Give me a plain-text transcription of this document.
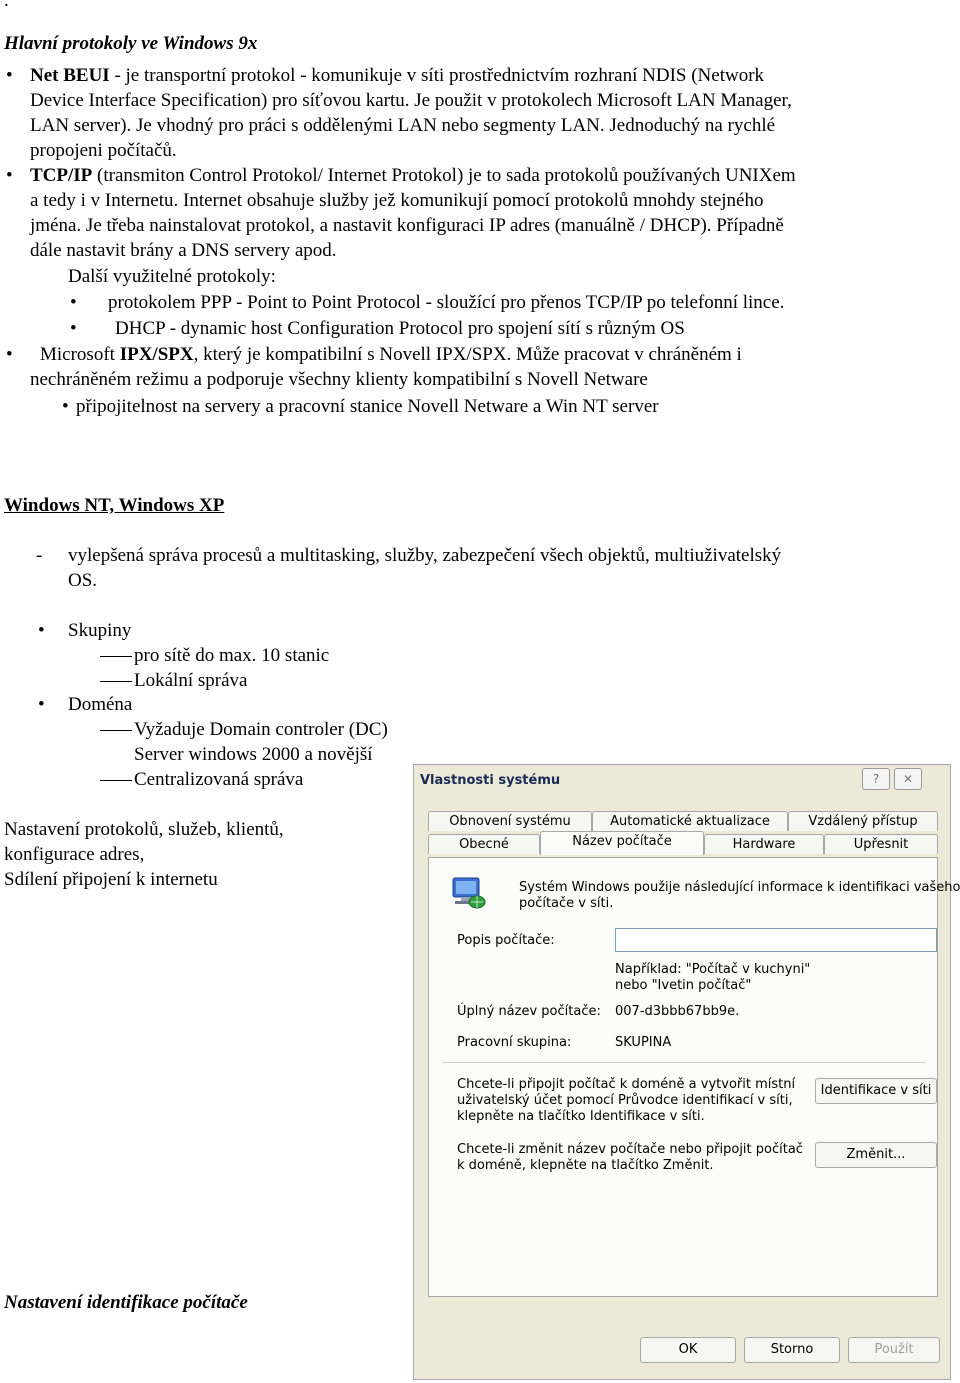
.
Hlavní protokoly ve Windows 9x
• Net BEUI - je transportní protokol - komunikuje v síti prostřednictvím rozhraní NDIS (Network
Device Interface Specification) pro síťovou kartu. Je použit v protokolech Microsoft LAN Manager,
LAN server). Je vhodný pro práci s oddělenými LAN nebo segmenty LAN. Jednoduchý na rychlé
propojeni počítačů.
• TCP/IP (transmiton Control Protokol/ Internet Protokol) je to sada protokolů používaných UNIXem
a tedy i v Internetu. Internet obsahuje služby jež komunikují pomocí protokolů mnohdy stejného
jména. Je třeba nainstalovat protokol, a nastavit konfiguraci IP adres (manuálně / DHCP). Případně
dále nastavit brány a DNS servery apod.
Další využitelné protokoly:
• protokolem PPP - Point to Point Protocol - sloužící pro přenos TCP/IP po telefonní lince.
• DHCP - dynamic host Configuration Protocol pro spojení sítí s různým OS
• Microsoft IPX/SPX, který je kompatibilní s Novell IPX/SPX. Může pracovat v chráněném i
nechráněném režimu a podporuje všechny klienty kompatibilní s Novell Netware
• připojitelnost na servery a pracovní stanice Novell Netware a Win NT server
Windows NT, Windows XP
- vylepšená správa procesů a multitasking, služby, zabezpečení všech objektů, multiuživatelský
OS.
• Skupiny
pro sítě do max. 10 stanic
Lokální správa
• Doména
Vyžaduje Domain controler (DC)
Server windows 2000 a novější
Centralizovaná správa
Nastavení protokolů, služeb, klientů,
konfigurace adres,
Sdílení připojení k internetu
Nastavení identifikace počítače
Vlastnosti systému	?	✕
Obnovení systému	Automatické aktualizace	Vzdálený přístup
Obecné	Název počítače	Hardware	Upřesnit
Systém Windows použije následující informace k identifikaci vašeho
počítače v síti.
Popis počítače:
Například: "Počítač v kuchyni"
nebo "Ivetin počítač"
Úplný název počítače: 007-d3bbb67bb9e.
Pracovní skupina:	SKUPINA
Chcete-li připojit počítač k doméně a vytvořit místní
uživatelský účet pomocí Průvodce identifikací v síti,
klepněte na tlačítko Identifikace v síti.
Identifikace v síti
Chcete-li změnit název počítače nebo připojit počítač
k doméně, klepněte na tlačítko Změnit.
Změnit...
OK	Storno	Použít
